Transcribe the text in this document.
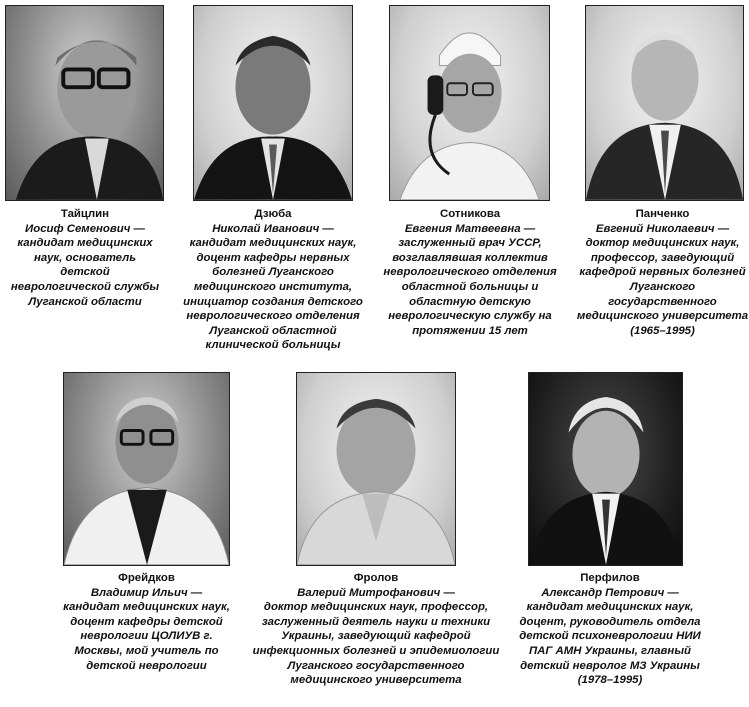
Тайцлин
Иосиф Семенович —
кандидат медицинских наук, основатель детской неврологической службы Луганской области
Дзюба
Николай Иванович —
кандидат медицинских наук, доцент кафедры нервных болезней Луганского медицинского института, инициатор создания детского неврологического отделения Луганской областной клинической больницы
Сотникова
Евгения Матвеевна —
заслуженный врач УССР, возглавлявшая коллектив неврологического отделения областной больницы и областную детскую неврологическую службу на протяжении 15 лет
Панченко
Евгений Николаевич —
доктор медицинских наук, профессор, заведующий кафедрой нервных болезней Луганского государственного медицинского университета (1965–1995)
Фрейдков
Владимир Ильич —
кандидат медицинских наук, доцент кафедры детской неврологии ЦОЛИУВ г. Москвы, мой учитель по детской неврологии
Фролов
Валерий Митрофанович —
доктор медицинских наук, профессор, заслуженный деятель науки и техники Украины, заведующий кафедрой инфекционных болезней и эпидемиологии Луганского государственного медицинского университета
Перфилов
Александр Петрович —
кандидат медицинских наук, доцент, руководитель отдела детской психоневрологии НИИ ПАГ АМН Украины, главный детский невролог МЗ Украины (1978–1995)
